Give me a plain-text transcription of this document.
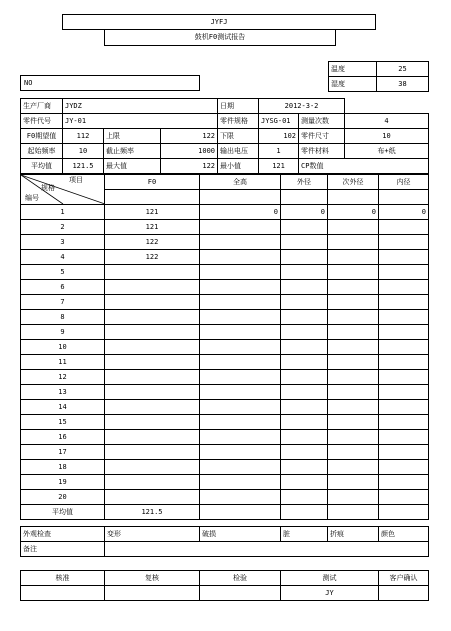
JYFJ
鼓机F0测试报告
温度	25
湿度	38
NO
生产厂商	JYDZ			日期	2012-3-2		
零件代号	JY-01			零件规格	JYSG-01	测量次数	4
F0期望值	112	上限	122	下限	102	零件尺寸	10
起始频率	10	截止频率	1000	输出电压	1	零件材料	布+纸
平均值	121.5	最大值	122	最小值	121	CP数值	
项目
规格
编号	F0	全高	外径	次外径	内径

1	121	0	0	0	0
2	121				
3	122				
4	122				
5					
6					
7					
8					
9					
10					
11					
12					
13					
14					
15					
16					
17					
18					
19					
20					
平均值	121.5				
外观检查	变形	破损	脏	折痕	颜色
备注					
核准	复核	检验	测试	客户确认
			JY	
